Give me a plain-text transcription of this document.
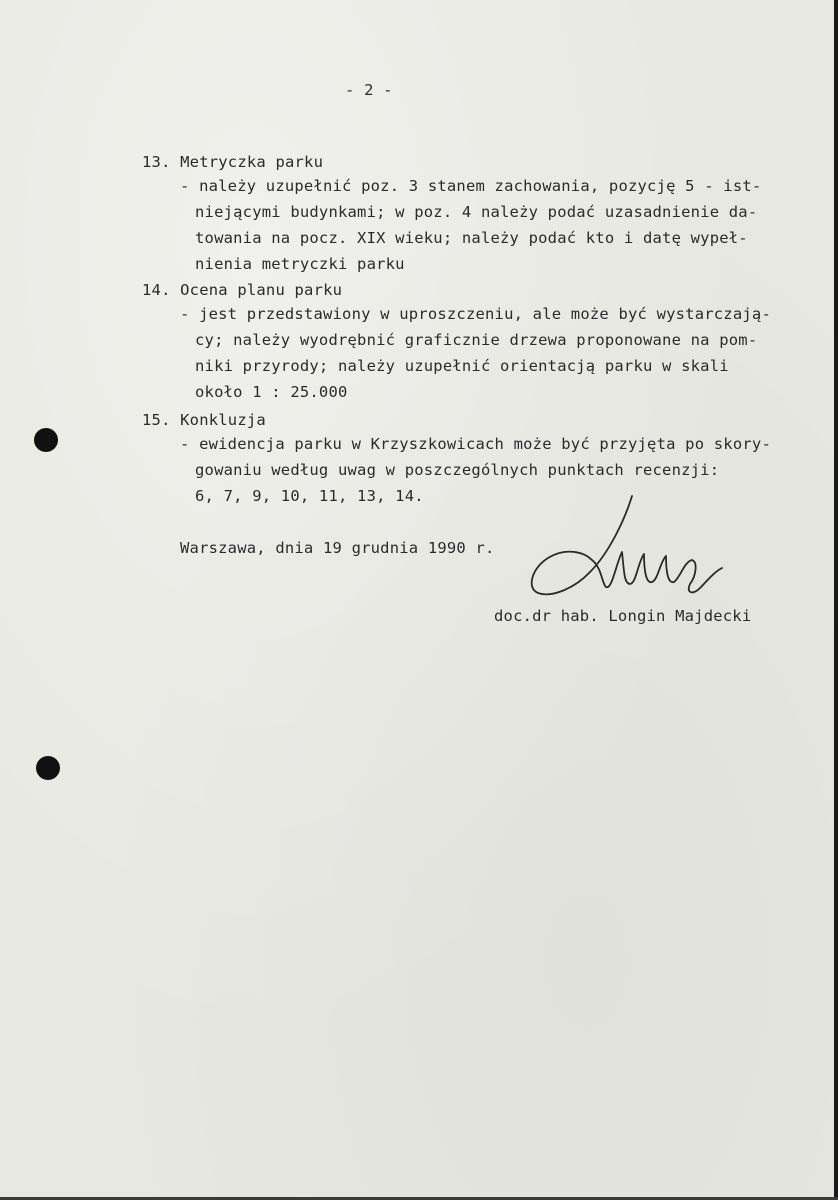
- 2 -
13. Metryczka parku
- należy uzupełnić poz. 3 stanem zachowania, pozycję 5 - ist-
niejącymi budynkami; w poz. 4 należy podać uzasadnienie da-
towania na pocz. XIX wieku; należy podać kto i datę wypeł-
nienia metryczki parku
14. Ocena planu parku
- jest przedstawiony w uproszczeniu, ale może być wystarczają-
cy; należy wyodrębnić graficznie drzewa proponowane na pom-
niki przyrody; należy uzupełnić orientacją parku w skali
około 1 : 25.000
15. Konkluzja
- ewidencja parku w Krzyszkowicach może być przyjęta po skory-
gowaniu według uwag w poszczególnych punktach recenzji:
6, 7, 9, 10, 11, 13, 14.
Warszawa, dnia 19 grudnia 1990 r.
doc.dr hab. Longin Majdecki
